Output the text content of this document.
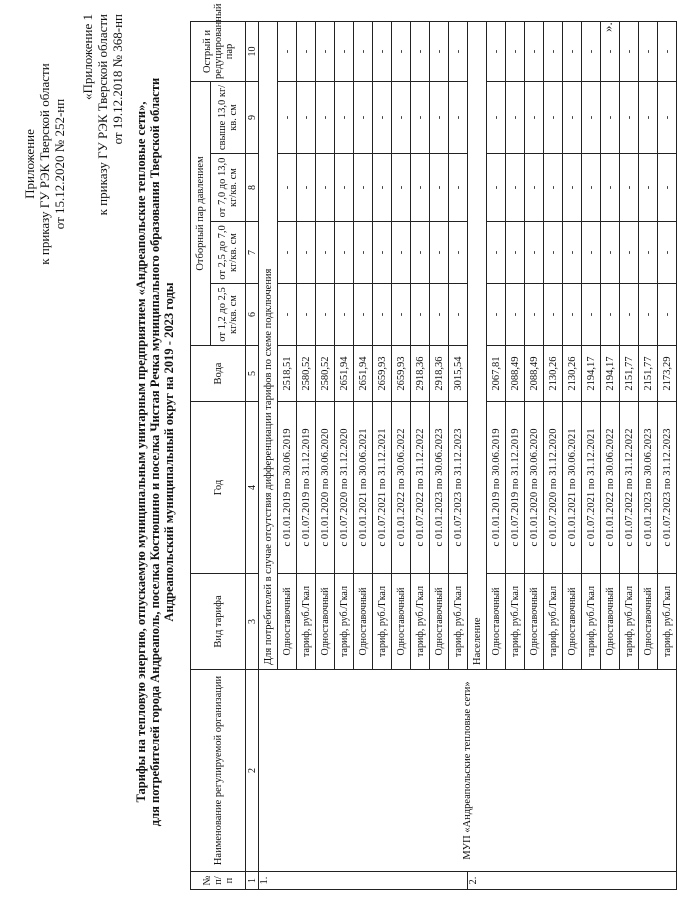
Приложение к приказу ГУ РЭК Тверской области от 15.12.2020 № 252-нп
«Приложение 1 к приказу ГУ РЭК Тверской области от 19.12.2018 № 368-нп
Тарифы на тепловую энергию, отпускаемую муниципальным унитарным предприятием «Андреапольские тепловые сети», для потребителей города Андреаполь, поселка Костюшино и поселка Чистая Речка муниципального образования Тверской области Андреапольский муниципальный округ на 2019 - 2023 годы
№ п/п	Наименование регулируемой организации	Вид тарифа	Год	Вода	Отборный пар давлением				Острый и редуцированный пар
					от 1,2 до 2,5 кг/кв. см	от 2,5 до 7,0 кг/кв. см	от 7,0 до 13,0 кг/кв. см	свыше 13,0 кг/кв. см	
1	2	3	4	5	6	7	8	9	10
1.	МУП «Андреапольские тепловые сети»	Для потребителей в случае отсутствия дифференциации тарифов по схеме подключения							
		Одноставочный	с 01.01.2019 по 30.06.2019	2518,51	-	-	-	-	-
		тариф, руб./Гкал	с 01.07.2019 по 31.12.2019	2580,52	-	-	-	-	-
		Одноставочный	с 01.01.2020 по 30.06.2020	2580,52	-	-	-	-	-
		тариф, руб./Гкал	с 01.07.2020 по 31.12.2020	2651,94	-	-	-	-	-
		Одноставочный	с 01.01.2021 по 30.06.2021	2651,94	-	-	-	-	-
		тариф, руб./Гкал	с 01.07.2021 по 31.12.2021	2659,93	-	-	-	-	-
		Одноставочный	с 01.01.2022 по 30.06.2022	2659,93	-	-	-	-	-
		тариф, руб./Гкал	с 01.07.2022 по 31.12.2022	2918,36	-	-	-	-	-
		Одноставочный	с 01.01.2023 по 30.06.2023	2918,36	-	-	-	-	-
		тариф, руб./Гкал	с 01.07.2023 по 31.12.2023	3015,54	-	-	-	-	-
2.		Население							
		Одноставочный	с 01.01.2019 по 30.06.2019	2067,81	-	-	-	-	-
		тариф, руб./Гкал	с 01.07.2019 по 31.12.2019	2088,49	-	-	-	-	-
		Одноставочный	с 01.01.2020 по 30.06.2020	2088,49	-	-	-	-	-
		тариф, руб./Гкал	с 01.07.2020 по 31.12.2020	2130,26	-	-	-	-	-
		Одноставочный	с 01.01.2021 по 30.06.2021	2130,26	-	-	-	-	-
		тариф, руб./Гкал	с 01.07.2021 по 31.12.2021	2194,17	-	-	-	-	-
		Одноставочный	с 01.01.2022 по 30.06.2022	2194,17	-	-	-	-	-
		тариф, руб./Гкал	с 01.07.2022 по 31.12.2022	2151,77	-	-	-	-	-
		Одноставочный	с 01.01.2023 по 30.06.2023	2151,77	-	-	-	-	-
		тариф, руб./Гкал	с 01.07.2023 по 31.12.2023	2173,29	-	-	-	-	-
».
